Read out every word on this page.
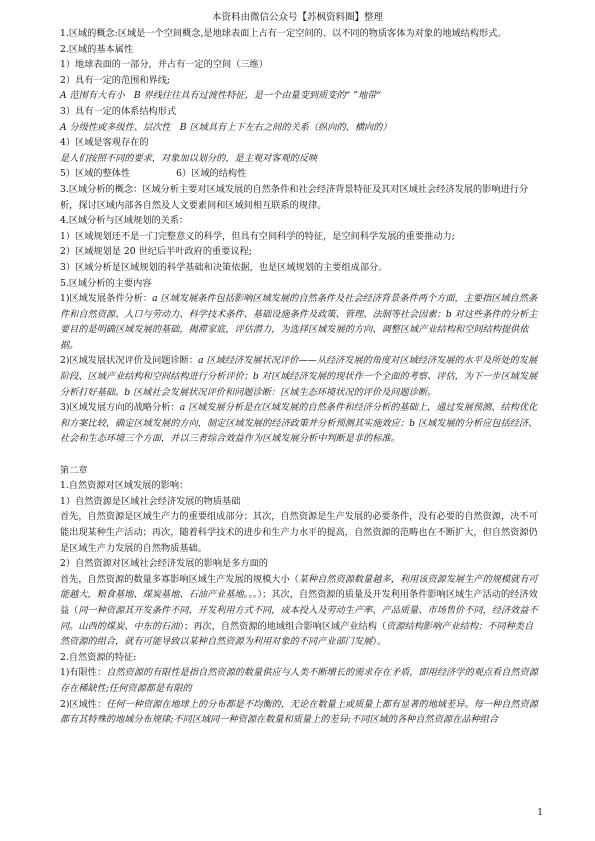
本资料由微信公众号【苏枫资料圈】整理

1.区域的概念:区域是一个空间概念,是地球表面上占有一定空间的、以不同的物质客体为对象的地域结构形式。

2.区域的基本属性

1）地球表面的一部分，并占有一定的空间（三维）

2）具有一定的范围和界线;

A 范围有大有小　B 界线往往具有过渡性特征，是一个由量变到质变的“ ”地带“

3）具有一定的体系结构形式

A 分级性或多级性、层次性　B 区域具有上下左右之间的关系（纵向的、横向的）

4）区域是客观存在的

是人们按照不同的要求，对象加以划分的，是主观对客观的反映

5）区域的整体性　　　　　6）区域的结构性

3.区域分析的概念：区域分析主要对区域发展的自然条件和社会经济背景特征及其对区域社会经济发展的影响进行分析，探讨区域内部各自然及人文要素间和区域间相互联系的规律。

4.区域分析与区域规划的关系：

1）区域规划还不是一门完整意义的科学，但具有空间科学的特征，是空间科学发展的重要推动力;

2）区域规划是 20 世纪后半叶政府的重要议程;

3）区域分析是区域规划的科学基础和决策依据，也是区域规划的主要组成部分。

5.区域分析的主要内容

1)区域发展条件分析：a 区域发展条件包括影响区域发展的自然条件及社会经济背景条件两个方面，主要指区域自然条件和自然资源、人口与劳动力、科学技术条件、基础设施条件及政策、管理、法制等社会因素；b 对这些条件的分析主要目的是明确区域发展的基础，揭滞家底，评估潜力，为选择区域发展的方向、调整区域产业结构和空间结构提供依据。

2)区域发展状况评价及问题诊断：a 区域经济发展状况评价——从经济发展的角度对区域经济发展的水平及所处的发展阶段、区域产业结构和空间结构进行分析评价；b 对区域经济发展的现状作一个全面的考察、评估，为下一步区域发展分析打好基础。b 区域社会发展状况评价和问题诊断：区域生态环境状况的评价及问题诊断。

3)区域发展方向的战略分析：a 区域发展分析是在区域发展的自然条件和经济分析的基础上，通过发展预测、结构优化和方案比较，确定区域发展的方向，制定区域发展的经济政策并分析预测其实施效应；b 区域发展的分析应包括经济、社会和生态环境三个方面，并以三者综合效益作为区域发展分析中判断是非的标准。

第二章

1.自然资源对区域发展的影响：

1）自然资源是区域社会经济发展的物质基础

首先，自然资源是区域生产力的重要组成部分；其次，自然资源是生产发展的必要条件，没有必要的自然资源，决不可能出现某种生产活动；再次，随着科学技术的进步和生产力水平的提高，自然资源的范畴也在不断扩大，但自然资源仍是区域生产力发展的自然物质基础。

2）自然资源对区域社会经济发展的影响是多方面的

首先，自然资源的数量多寡影响区域生产发展的规模大小（某种自然资源数量越多，利用该资源发展生产的规模就有可能越大，粮食基地、煤炭基地、石油产业基地。。。）；其次，自然资源的质量及开发利用条件影响区域生产活动的经济效益（同一种资源其开发条件不同，开发利用方式不同，成本投入及劳动生产率、产品质量、市场售价不同，经济效益不同。山西的煤炭、中东的石油）；再次，自然资源的地域组合影响区域产业结构（资源结构影响产业结构；不同种类自然资源的组合，就有可能导致以某种自然资源为利用对象的不同产业部门发展）。

2.自然资源的特征:

1)有限性：自然资源的有限性是指自然资源的数量供应与人类不断增长的需求存在矛盾，即用经济学的观点看自然资源存在稀缺性;任何资源都是有限的

2)区域性：任何一种资源在地球上的分布都是不均衡的，无论在数量上或质量上都有显著的地域差异。每一种自然资源都有其特殊的地域分布规律;不同区域同一种资源在数量和质量上的差异;不同区域的各种自然资源在品种组合

1
